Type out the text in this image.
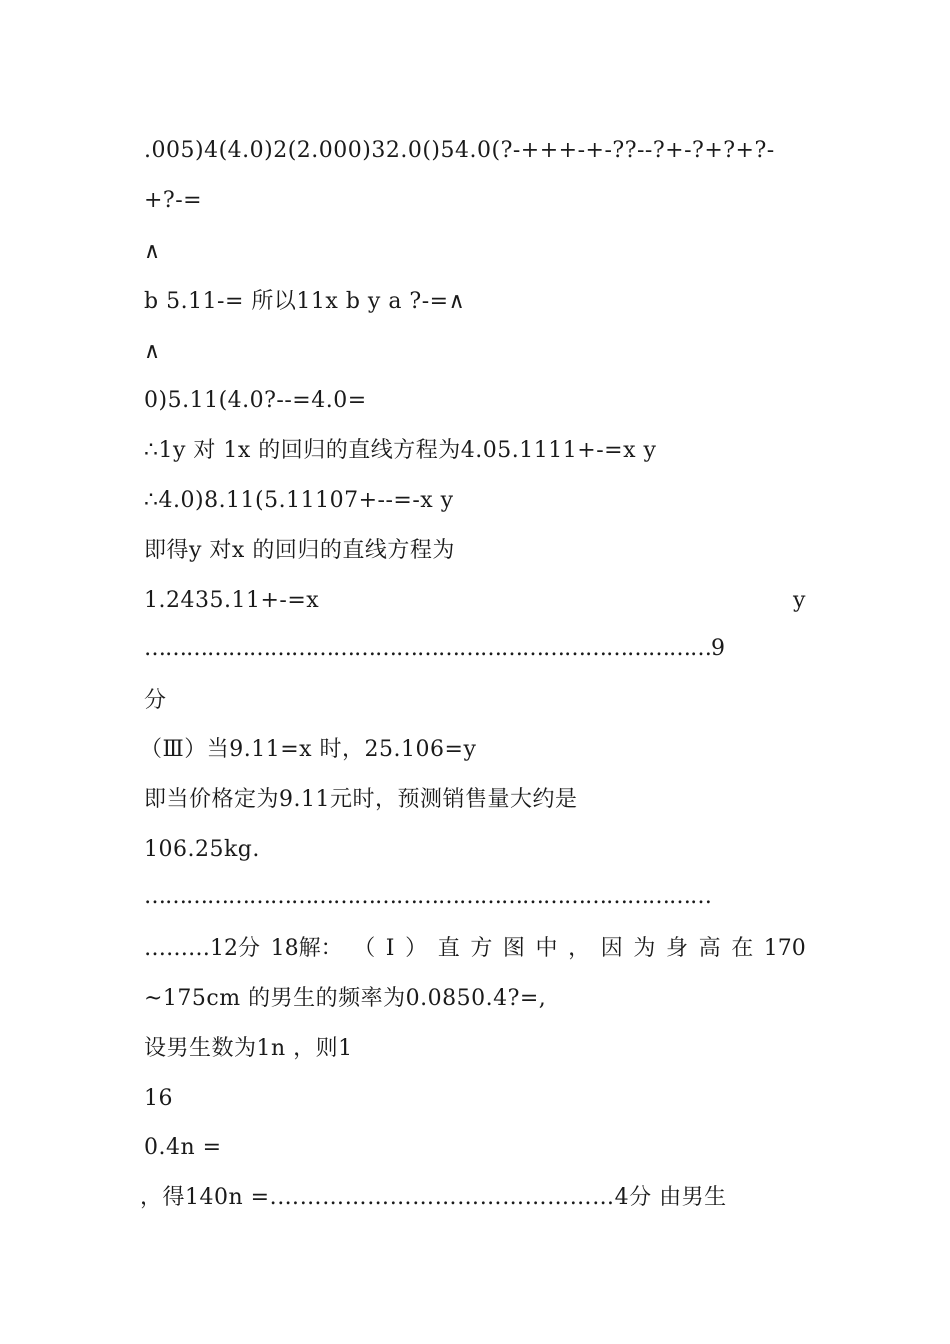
.005)4(4.0)2(2.000)32.0()54.0(?-+++-+-??--?+-?+?+?-
+?-=
∧
b 5.11-= 所以11x b y a ?-=∧
∧
0)5.11(4.0?--=4.0=
∴1y 对 1x 的回归的直线方程为4.05.1111+-=x y
∴4.0)8.11(5.11107+--=-x y
即得y 对x 的回归的直线方程为
1.2435.11+-=x	y
………………………………………………………………………9
分
（Ⅲ）当9.11=x 时，25.106=y
即当价格定为9.11元时，预测销售量大约是
106.25kg.
………………………………………………………………………
………12分 18解： （ Ⅰ ） 直 方 图 中 ， 因 为 身 高 在 170
~175cm 的男生的频率为0.0850.4?=,
设男生数为1n ，则1
16
0.4n =
，得140n =.………………………………………4分 由男生
